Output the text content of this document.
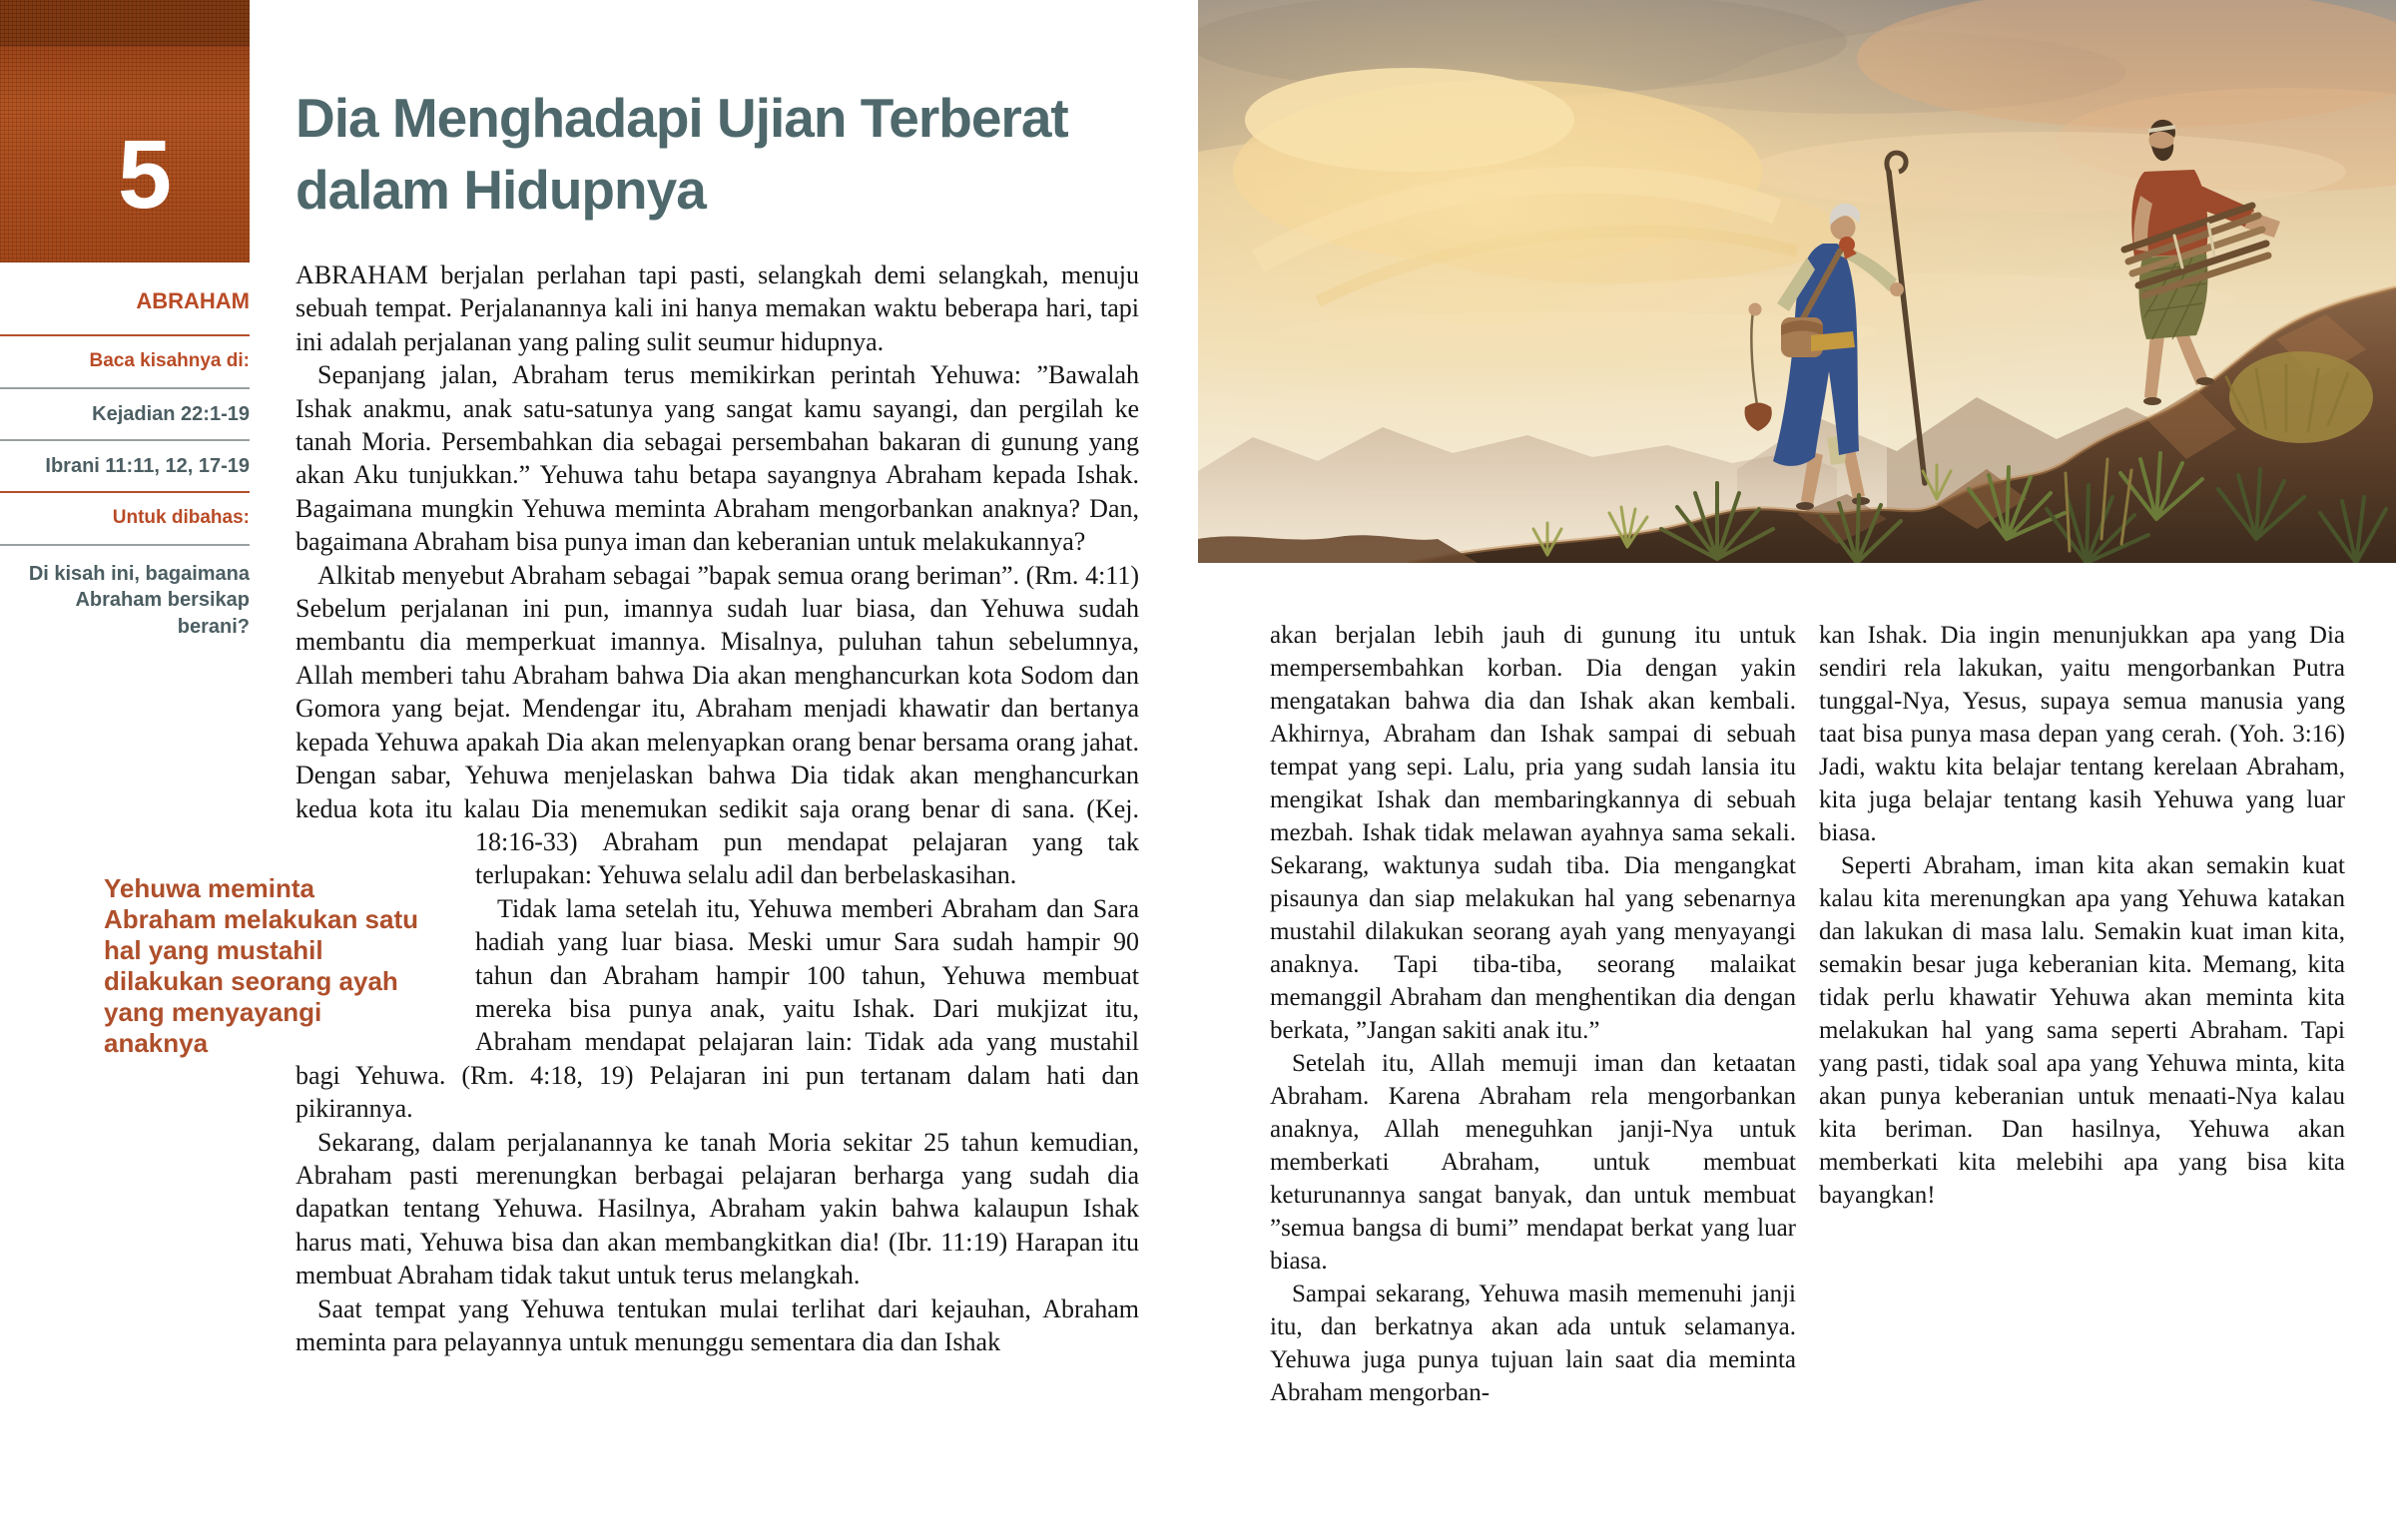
5
ABRAHAM
Baca kisahnya di:
Kejadian 22:1-19
Ibrani 11:11, 12, 17-19
Untuk dibahas:
Di kisah ini, bagaimana Abraham bersikap berani?
Dia Menghadapi Ujian Terberat dalam Hidupnya

ABRAHAM berjalan perlahan tapi pasti, selangkah demi selangkah, menuju sebuah tempat. Perjalanannya kali ini hanya memakan waktu beberapa hari, tapi ini adalah perjalanan yang paling sulit seumur hidupnya.

Sepanjang jalan, Abraham terus memikirkan perintah Yehuwa: ”Bawalah Ishak anakmu, anak satu-satunya yang sangat kamu sayangi, dan pergilah ke tanah Moria. Persembahkan dia sebagai persembahan bakaran di gunung yang akan Aku tunjukkan.” Yehuwa tahu betapa sayangnya Abraham kepada Ishak. Bagaimana mungkin Yehuwa meminta Abraham mengorbankan anaknya? Dan, bagaimana Abraham bisa punya iman dan keberanian untuk melakukannya?

Alkitab menyebut Abraham sebagai ”bapak semua orang beriman”. (Rm. 4:11) Sebelum perjalanan ini pun, imannya sudah luar biasa, dan Yehuwa sudah membantu dia memperkuat imannya. Misalnya, puluhan tahun sebelumnya, Allah memberi tahu Abraham bahwa Dia akan menghancurkan kota Sodom dan Gomora yang bejat. Mendengar itu, Abraham menjadi khawatir dan bertanya kepada Yehuwa apakah Dia akan melenyapkan orang benar bersama orang jahat. Dengan sabar, Yehuwa menjelaskan bahwa Dia tidak akan menghancurkan kedua kota itu kalau Dia menemukan sedikit saja orang benar di sana. (Kej. 18:16-33)
Yehuwa meminta Abraham melakukan satu hal yang mustahil dilakukan seorang ayah yang menyayangi anaknya
Abraham pun mendapat pelajaran yang tak terlupakan: Yehuwa selalu adil dan berbelaskasihan.

Tidak lama setelah itu, Yehuwa memberi Abraham dan Sara hadiah yang luar biasa. Meski umur Sara sudah hampir 90 tahun dan Abraham hampir 100 tahun, Yehuwa membuat mereka bisa punya anak, yaitu Ishak. Dari mukjizat itu, Abraham mendapat pelajaran lain: Tidak ada yang mustahil bagi Yehuwa. (Rm. 4:18, 19) Pelajaran ini pun tertanam dalam hati dan pikirannya.

Sekarang, dalam perjalanannya ke tanah Moria sekitar 25 tahun kemudian, Abraham pasti merenungkan berbagai pelajaran berharga yang sudah dia dapatkan tentang Yehuwa. Hasilnya, Abraham yakin bahwa kalaupun Ishak harus mati, Yehuwa bisa dan akan membangkitkan dia! (Ibr. 11:19) Harapan itu membuat Abraham tidak takut untuk terus melangkah.

Saat tempat yang Yehuwa tentukan mulai terlihat dari kejauhan, Abraham meminta para pelayannya untuk menunggu sementara dia dan Ishak

akan berjalan lebih jauh di gunung itu untuk mempersembahkan korban. Dia dengan yakin mengatakan bahwa dia dan Ishak akan kembali. Akhirnya, Abraham dan Ishak sampai di sebuah tempat yang sepi. Lalu, pria yang sudah lansia itu mengikat Ishak dan membaringkannya di sebuah mezbah. Ishak tidak melawan ayahnya sama sekali. Sekarang, waktunya sudah tiba. Dia mengangkat pisaunya dan siap melakukan hal yang sebenarnya mustahil dilakukan seorang ayah yang menyayangi anaknya. Tapi tiba-tiba, seorang malaikat memanggil Abraham dan menghentikan dia dengan berkata, ”Jangan sakiti anak itu.”

Setelah itu, Allah memuji iman dan ketaatan Abraham. Karena Abraham rela mengorbankan anaknya, Allah meneguhkan janji-Nya untuk memberkati Abraham, untuk membuat keturunannya sangat banyak, dan untuk membuat ”semua bangsa di bumi” mendapat berkat yang luar biasa.

Sampai sekarang, Yehuwa masih memenuhi janji itu, dan berkatnya akan ada untuk selamanya. Yehuwa juga punya tujuan lain saat dia meminta Abraham mengorban-

kan Ishak. Dia ingin menunjukkan apa yang Dia sendiri rela lakukan, yaitu mengorbankan Putra tunggal-Nya, Yesus, supaya semua manusia yang taat bisa punya masa depan yang cerah. (Yoh. 3:16) Jadi, waktu kita belajar tentang kerelaan Abraham, kita juga belajar tentang kasih Yehuwa yang luar biasa.

Seperti Abraham, iman kita akan semakin kuat kalau kita merenungkan apa yang Yehuwa katakan dan lakukan di masa lalu. Semakin kuat iman kita, semakin besar juga keberanian kita. Memang, kita tidak perlu khawatir Yehuwa akan meminta kita melakukan hal yang sama seperti Abraham. Tapi yang pasti, tidak soal apa yang Yehuwa minta, kita akan punya keberanian untuk menaati-Nya kalau kita beriman. Dan hasilnya, Yehuwa akan memberkati kita melebihi apa yang bisa kita bayangkan!
